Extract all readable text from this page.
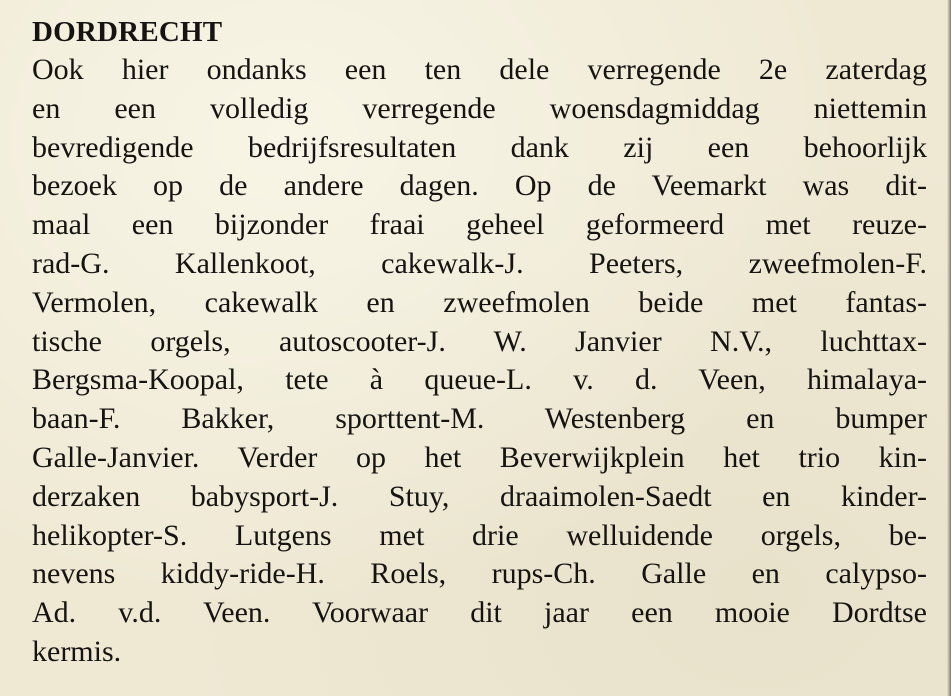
DORDRECHT
Ook hier ondanks een ten dele verregende 2e zaterdag
en een volledig verregende woensdagmiddag niettemin
bevredigende bedrijfsresultaten dank zij een behoorlijk
bezoek op de andere dagen. Op de Veemarkt was dit-
maal een bijzonder fraai geheel geformeerd met reuze-
rad-G. Kallenkoot, cakewalk-J. Peeters, zweefmolen-F.
Vermolen, cakewalk en zweefmolen beide met fantas-
tische orgels, autoscooter-J. W. Janvier N.V., luchttax-
Bergsma-Koopal, tete à queue-L. v. d. Veen, himalaya-
baan-F. Bakker, sporttent-M. Westenberg en bumper
Galle-Janvier. Verder op het Beverwijkplein het trio kin-
derzaken babysport-J. Stuy, draaimolen-Saedt en kinder-
helikopter-S. Lutgens met drie welluidende orgels, be-
nevens kiddy-ride-H. Roels, rups-Ch. Galle en calypso-
Ad. v.d. Veen. Voorwaar dit jaar een mooie Dordtse
kermis.
